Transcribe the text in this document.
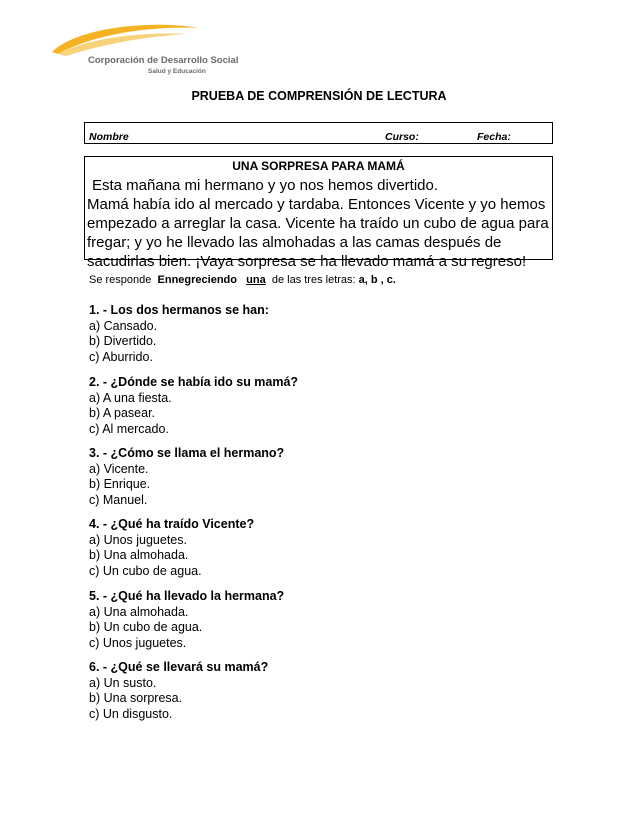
Corporación de Desarrollo Social
Salud y Educación
PRUEBA DE COMPRENSIÓN DE LECTURA
Nombre	Curso:	Fecha:
UNA SORPRESA PARA MAMÁ

Esta mañana mi hermano y yo nos hemos divertido.

Mamá había ido al mercado y tardaba. Entonces Vicente y yo hemos empezado a arreglar la casa. Vicente ha traído un cubo de agua para fregar; y yo he llevado las almohadas a las camas después de sacudirlas bien. ¡Vaya sorpresa se ha llevado mamá a su regreso!

Se responde Ennegreciendo una de las tres letras: a, b , c.
1. - Los dos hermanos se han:
a) Cansado.
b) Divertido.
c) Aburrido.
2. - ¿Dónde se había ido su mamá?
a) A una fiesta.
b) A pasear.
c) Al mercado.
3. - ¿Cómo se llama el hermano?
a) Vicente.
b) Enrique.
c) Manuel.
4. - ¿Qué ha traído Vicente?
a) Unos juguetes.
b) Una almohada.
c) Un cubo de agua.
5. - ¿Qué ha llevado la hermana?
a) Una almohada.
b) Un cubo de agua.
c) Unos juguetes.
6. - ¿Qué se llevará su mamá?
a) Un susto.
b) Una sorpresa.
c) Un disgusto.
